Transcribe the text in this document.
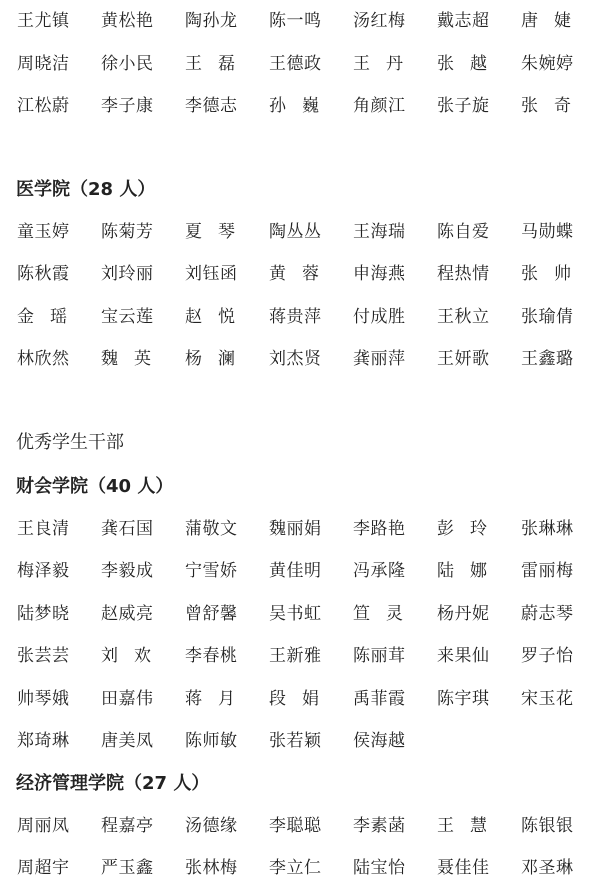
王尤镇	黄松艳	陶孙龙	陈一鸣	汤红梅	戴志超	唐婕
周晓洁	徐小民	王磊	王德政	王丹	张越	朱婉婷
江松蔚	李子康	李德志	孙巍	角颜江	张子旋	张奇
医学院（28 人）
童玉婷	陈菊芳	夏琴	陶丛丛	王海瑞	陈自爱	马勋蝶
陈秋霞	刘玲丽	刘钰函	黄蓉	申海燕	程热情	张帅
金瑶	宝云莲	赵悦	蒋贵萍	付成胜	王秋立	张瑜倩
林欣然	魏英	杨澜	刘杰贤	龚丽萍	王妍歌	王鑫璐
优秀学生干部
财会学院（40 人）
王良清	龚石国	蒲敬文	魏丽娟	李路艳	彭玲	张琳琳
梅泽毅	李毅成	宁雪娇	黄佳明	冯承隆	陆娜	雷丽梅
陆梦晓	赵威亮	曾舒馨	吴书虹	笪灵	杨丹妮	蔚志琴
张芸芸	刘欢	李春桃	王新雅	陈丽茸	来果仙	罗子怡
帅琴娥	田嘉伟	蒋月	段娟	禹菲霞	陈宇琪	宋玉花
郑琦琳	唐美凤	陈师敏	张若颖	侯海越
经济管理学院（27 人）
周丽凤	程嘉亭	汤德缘	李聪聪	李素菡	王慧	陈银银
周超宇	严玉鑫	张林梅	李立仁	陆宝怡	聂佳佳	邓圣琳
